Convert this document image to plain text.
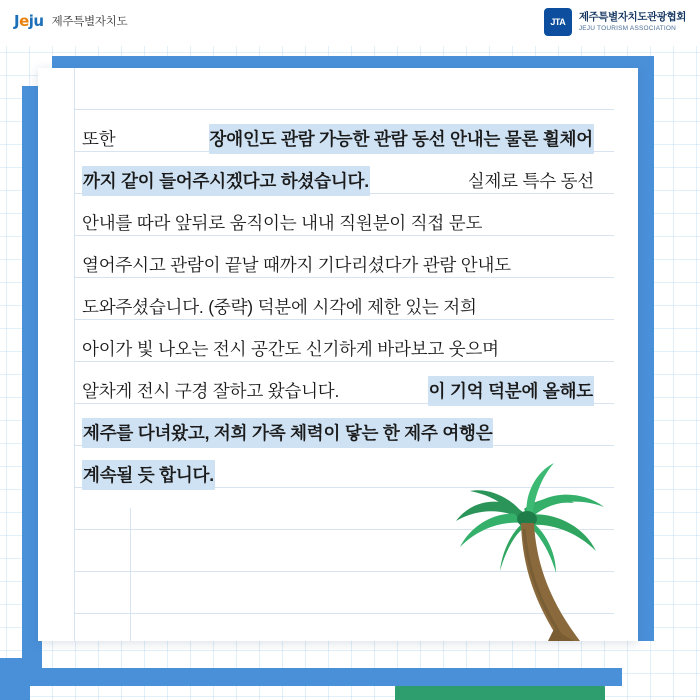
Jeju 제주특별자치도	JTA	제주특별자치도관광협회
JEJU TOURISM ASSOCIATION
또한	장애인도 관람 가능한 관람 동선 안내는 물론 휠체어
까지 같이 들어주시겠다고 하셨습니다.	실제로 특수 동선
안내를 따라 앞뒤로 움직이는 내내 직원분이 직접 문도
열어주시고 관람이 끝날 때까지 기다리셨다가 관람 안내도
도와주셨습니다. (중략) 덕분에 시각에 제한 있는 저희
아이가 빛 나오는 전시 공간도 신기하게 바라보고 웃으며
알차게 전시 구경 잘하고 왔습니다.	이 기억 덕분에 올해도
제주를 다녀왔고, 저희 가족 체력이 닿는 한 제주 여행은
계속될 듯 합니다.
